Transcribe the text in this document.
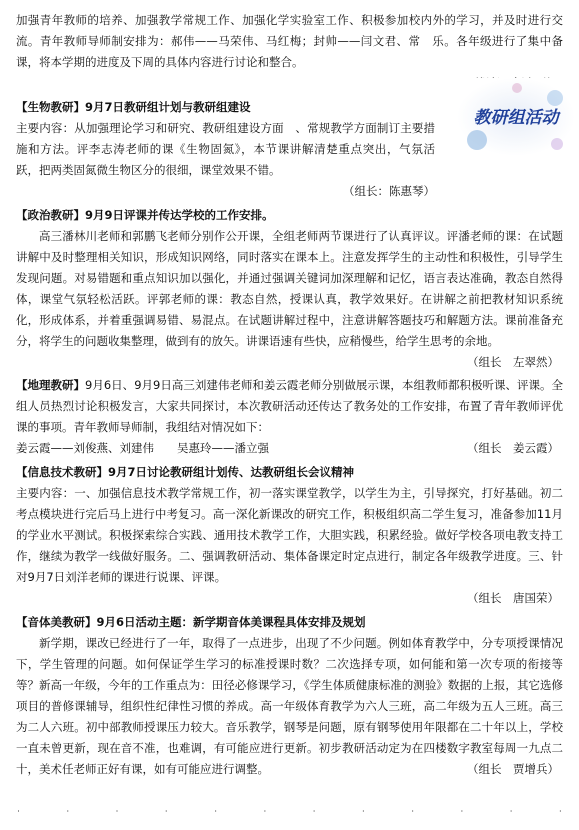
加强青年教师的培养、加强教学常规工作、加强化学实验室工作、积极参加校内外的学习，并及时进行交流。青年教师导师制安排为：郝伟——马荣伟、马红梅；封帅——闫文君、常　乐。各年级进行了集中备课，将本学期的进度及下周的具体内容进行讨论和整合。

【生物教研】9月7日教研组计划与教研组建设

主要内容：从加强理论学习和研究、教研组建设方面　、常规教学方面制订主要措施和方法。评李志涛老师的课《生物固氮》，本节课讲解清楚重点突出，气氛活跃，把两类固氮微生物区分的很细，课堂效果不错。

（组长：陈惠琴）

【政治教研】9月9日评课并传达学校的工作安排。

高三潘林川老师和郭鹏飞老师分别作公开课，全组老师两节课进行了认真评议。评潘老师的课：在试题讲解中及时整理相关知识，形成知识网络，同时落实在课本上。注意发挥学生的主动性和积极性，引导学生发现问题。对易错题和重点知识加以强化，并通过强调关键词加深理解和记忆，语言表达准确，教态自然得体，课堂气氛轻松活跃。评郭老师的课：教态自然，授课认真，教学效果好。在讲解之前把教材知识系统化，形成体系，并着重强调易错、易混点。在试题讲解过程中，注意讲解答题技巧和解题方法。课前准备充分，将学生的问题收集整理，做到有的放矢。讲课语速有些快，应稍慢些，给学生思考的余地。

（组长　左翠然）

【地理教研】9月6日、9月9日高三刘建伟老师和姜云霞老师分别做展示课，本组教师都积极听课、评课。全组人员热烈讨论积极发言，大家共同探讨，本次教研活动还传达了教务处的工作安排，布置了青年教师评优课的事项。青年教师导师制，我组结对情况如下：

姜云霞——刘俊燕、刘建伟　　吴惠玲——潘立强	（组长　姜云霞）

【信息技术教研】9月7日讨论教研组计划传、达教研组长会议精神

主要内容：一、加强信息技术教学常规工作，初一落实课堂教学，以学生为主，引导探究，打好基础。初二考点模块进行完后马上进行中考复习。高一深化新课改的研究工作，积极组织高二学生复习，准备参加11月的学业水平测试。积极探索综合实践、通用技术教学工作，大胆实践，积累经验。做好学校各项电教支持工作，继续为教学一线做好服务。二、强调教研活动、集体备课定时定点进行，制定各年级教学进度。三、针对9月7日刘洋老师的课进行说课、评课。

（组长　唐国荣）

【音体美教研】9月6日活动主题：新学期音体美课程具体安排及规划

新学期，课改已经进行了一年，取得了一点进步，出现了不少问题。例如体育教学中，分专项授课情况下，学生管理的问题。如何保证学生学习的标准授课时数？二次选择专项，如何能和第一次专项的衔接等等？新高一年级，今年的工作重点为：田径必修课学习，《学生体质健康标准的测验》数据的上报，其它选修项目的普修课辅导，组织性纪律性习惯的养成。高一年级体育教学为六人三班，高二年级为五人三班。高三为二人六班。初中部教师授课压力较大。音乐教学，钢琴是问题，原有钢琴使用年限都在二十年以上，学校一直未曾更新，现在音不准，也难调，有可能应进行更新。初步教研活动定为在四楼数字教室每周一九点二十，美术任老师正好有课，如有可能应进行调整。	（组长　贾增兵）

教研组活动
˙	˙	˙	˙	˙	˙	˙	˙	˙	˙	˙	˙
